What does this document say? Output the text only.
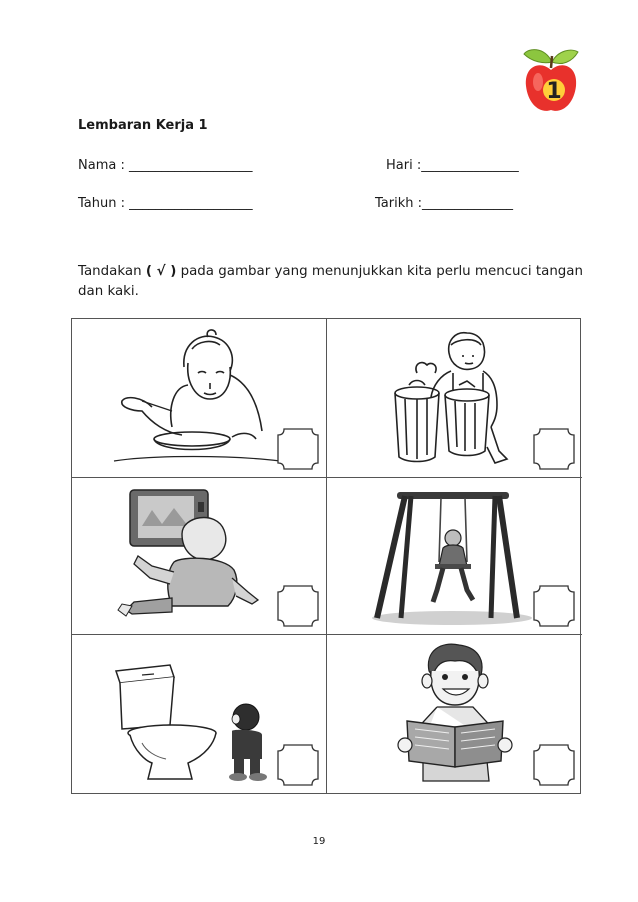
1
Lembaran Kerja 1
Nama : ___________________	Hari :_______________
Tahun : ___________________	Tarikh :______________
Tandakan ( √ ) pada gambar yang menunjukkan kita perlu mencuci tangan dan kaki.
19
